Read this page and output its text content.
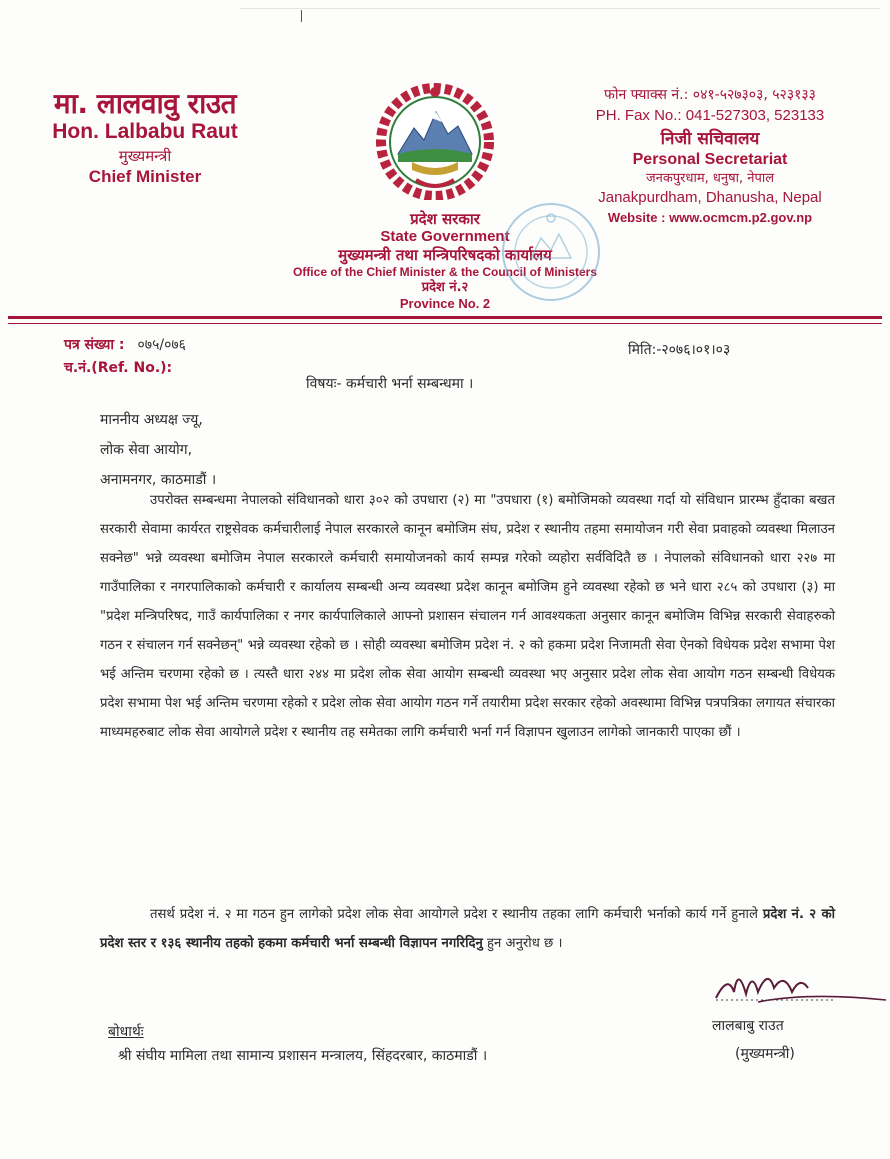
मा. लालवावु राउत
Hon. Lalbabu Raut
मुख्यमन्त्री
Chief Minister
प्रदेश सरकार
State Government
मुख्यमन्त्री तथा मन्त्रिपरिषदको कार्यालय
Office of the Chief Minister & the Council of Ministers
प्रदेश नं.२
Province No. 2
फोन फ्याक्स नं.: ०४१-५२७३०३, ५२३१३३
PH. Fax No.: 041-527303, 523133
निजी सचिवालय
Personal Secretariat
जनकपुरधाम, धनुषा, नेपाल
Janakpurdham, Dhanusha, Nepal
Website : www.ocmcm.p2.gov.np
पत्र संख्या : ०७५/०७६
च.नं.(Ref. No.):
मिति:-२०७६।०१।०३
विषयः- कर्मचारी भर्ना सम्बन्धमा ।
माननीय अध्यक्ष ज्यू,
लोक सेवा आयोग,
अनामनगर, काठमाडौं ।
उपरोक्त सम्बन्धमा नेपालको संविधानको धारा ३०२ को उपधारा (२) मा "उपधारा (१) बमोजिमको व्यवस्था गर्दा यो संविधान प्रारम्भ हुँदाका बखत सरकारी सेवामा कार्यरत राष्ट्रसेवक कर्मचारीलाई नेपाल सरकारले कानून बमोजिम संघ, प्रदेश र स्थानीय तहमा समायोजन गरी सेवा प्रवाहको व्यवस्था मिलाउन सक्नेछ" भन्ने व्यवस्था बमोजिम नेपाल सरकारले कर्मचारी समायोजनको कार्य सम्पन्न गरेको व्यहोरा सर्वविदितै छ । नेपालको संविधानको धारा २२७ मा गाउँपालिका र नगरपालिकाको कर्मचारी र कार्यालय सम्बन्धी अन्य व्यवस्था प्रदेश कानून बमोजिम हुने व्यवस्था रहेको छ भने धारा २८५ को उपधारा (३) मा "प्रदेश मन्त्रिपरिषद, गाउँ कार्यपालिका र नगर कार्यपालिकाले आफ्नो प्रशासन संचालन गर्न आवश्यकता अनुसार कानून बमोजिम विभिन्न सरकारी सेवाहरुको गठन र संचालन गर्न सक्नेछन्" भन्ने व्यवस्था रहेको छ । सोही व्यवस्था बमोजिम प्रदेश नं. २ को हकमा प्रदेश निजामती सेवा ऐनको विधेयक प्रदेश सभामा पेश भई अन्तिम चरणमा रहेको छ । त्यस्तै धारा २४४ मा प्रदेश लोक सेवा आयोग सम्बन्धी व्यवस्था भए अनुसार प्रदेश लोक सेवा आयोग गठन सम्बन्धी विधेयक प्रदेश सभामा पेश भई अन्तिम चरणमा रहेको र प्रदेश लोक सेवा आयोग गठन गर्ने तयारीमा प्रदेश सरकार रहेको अवस्थामा विभिन्न पत्रपत्रिका लगायत संचारका माध्यमहरुबाट लोक सेवा आयोगले प्रदेश र स्थानीय तह समेतका लागि कर्मचारी भर्ना गर्न विज्ञापन खुलाउन लागेको जानकारी पाएका छौं ।
तसर्थ प्रदेश नं. २ मा गठन हुन लागेको प्रदेश लोक सेवा आयोगले प्रदेश र स्थानीय तहका लागि कर्मचारी भर्नाको कार्य गर्ने हुनाले प्रदेश नं. २ को प्रदेश स्तर र १३६ स्थानीय तहको हकमा कर्मचारी भर्ना सम्बन्धी विज्ञापन नगरिदिनु हुन अनुरोध छ ।
लालबाबु राउत
(मुख्यमन्त्री)
बोधार्थः
श्री संघीय मामिला तथा सामान्य प्रशासन मन्त्रालय, सिंहदरबार, काठमाडौं ।
